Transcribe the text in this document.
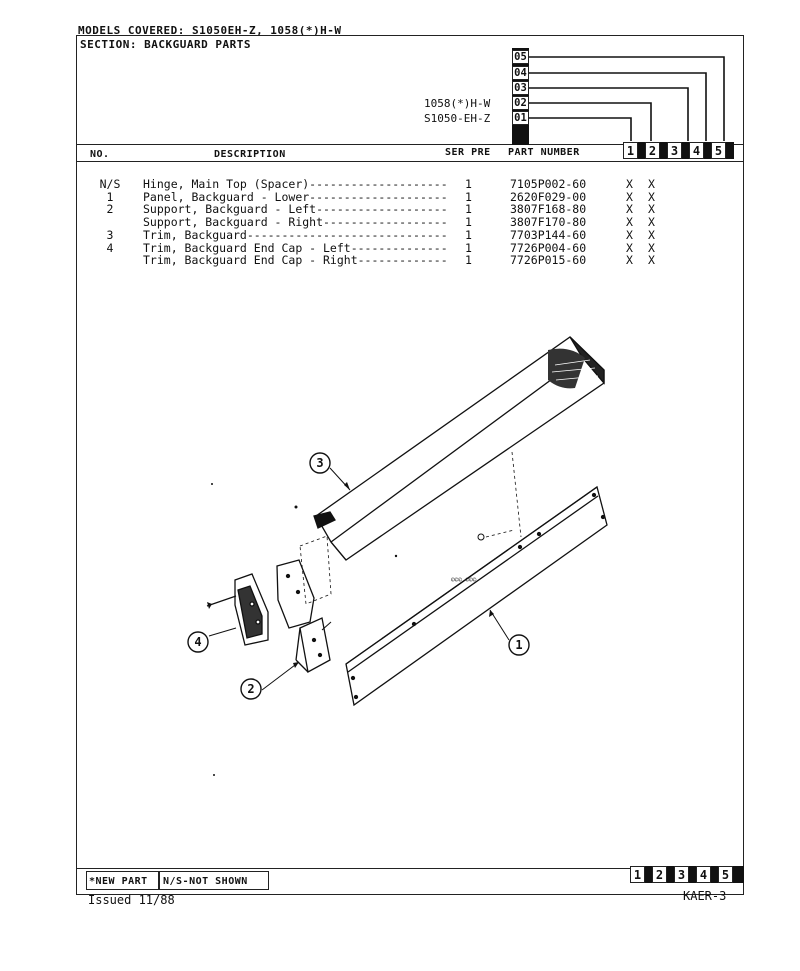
MODELS COVERED: S1050EH-Z, 1058(*)H-W
SECTION: BACKGUARD PARTS
05
04
03
02
01
1058(*)H-W
S1050-EH-Z
NO.	DESCRIPTION	SER PRE PART NUMBER	1	2	3	4	5
N/S	Hinge, Main Top (Spacer)-------------------- 1	7105P002-60	X X
1	Panel, Backguard - Lower-------------------- 1	2620F029-00	X X
2	Support, Backguard - Left------------------- 1	3807F168-80	X X
Support, Backguard - Right------------------ 1	3807F170-80	X X
3	Trim, Backguard----------------------------- 1	7703P144-60	X X
4	Trim, Backguard End Cap - Left-------------- 1	7726P004-60	X X
Trim, Backguard End Cap - Right------------- 1	7726P015-60	X X
©©© ©©©
3
4
2
1
*NEW PART N/S-NOT SHOWN	1	2	3	4	5
Issued 11/88	KAER-3
